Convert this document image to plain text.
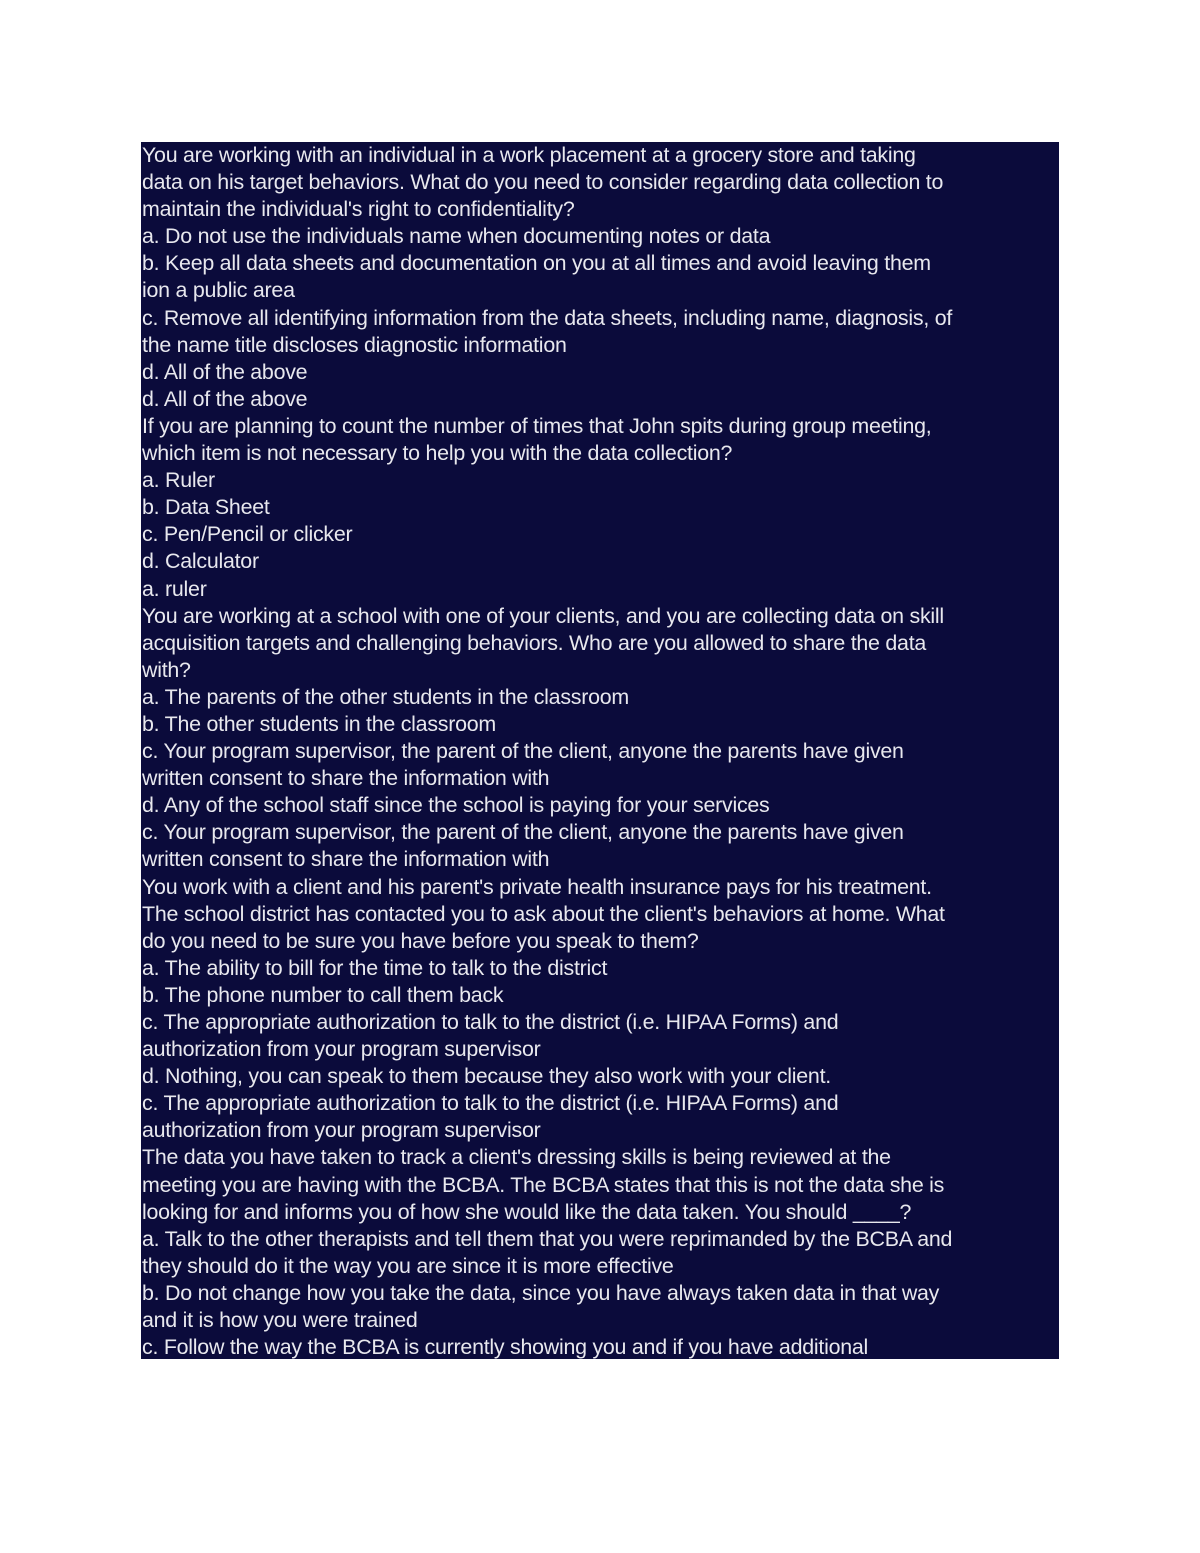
You are working with an individual in a work placement at a grocery store and taking
data on his target behaviors. What do you need to consider regarding data collection to
maintain the individual's right to confidentiality?
a. Do not use the individuals name when documenting notes or data
b. Keep all data sheets and documentation on you at all times and avoid leaving them
ion a public area
c. Remove all identifying information from the data sheets, including name, diagnosis, of
the name title discloses diagnostic information
d. All of the above
d. All of the above
If you are planning to count the number of times that John spits during group meeting,
which item is not necessary to help you with the data collection?
a. Ruler
b. Data Sheet
c. Pen/Pencil or clicker
d. Calculator
a. ruler
You are working at a school with one of your clients, and you are collecting data on skill
acquisition targets and challenging behaviors. Who are you allowed to share the data
with?
a. The parents of the other students in the classroom
b. The other students in the classroom
c. Your program supervisor, the parent of the client, anyone the parents have given
written consent to share the information with
d. Any of the school staff since the school is paying for your services
c. Your program supervisor, the parent of the client, anyone the parents have given
written consent to share the information with
You work with a client and his parent's private health insurance pays for his treatment.
The school district has contacted you to ask about the client's behaviors at home. What
do you need to be sure you have before you speak to them?
a. The ability to bill for the time to talk to the district
b. The phone number to call them back
c. The appropriate authorization to talk to the district (i.e. HIPAA Forms) and
authorization from your program supervisor
d. Nothing, you can speak to them because they also work with your client.
c. The appropriate authorization to talk to the district (i.e. HIPAA Forms) and
authorization from your program supervisor
The data you have taken to track a client's dressing skills is being reviewed at the
meeting you are having with the BCBA. The BCBA states that this is not the data she is
looking for and informs you of how she would like the data taken. You should ____?
a. Talk to the other therapists and tell them that you were reprimanded by the BCBA and
they should do it the way you are since it is more effective
b. Do not change how you take the data, since you have always taken data in that way
and it is how you were trained
c. Follow the way the BCBA is currently showing you and if you have additional
